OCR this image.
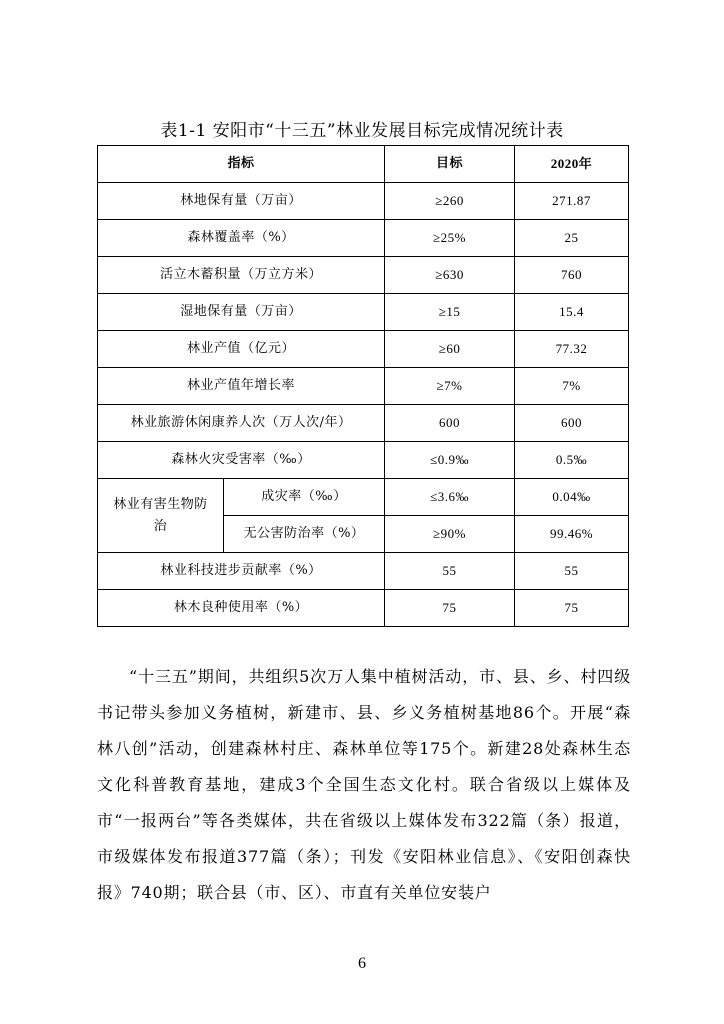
表1-1 安阳市“十三五”林业发展目标完成情况统计表
指标		目标	2020年
林地保有量（万亩）		≥260	271.87
森林覆盖率（%）		≥25%	25
活立木蓄积量（万立方米）		≥630	760
湿地保有量（万亩）		≥15	15.4
林业产值（亿元）		≥60	77.32
林业产值年增长率		≥7%	7%
林业旅游休闲康养人次（万人次/年）		600	600
森林火灾受害率（‰）		≤0.9‰	0.5‰
林业有害生物防治	成灾率（‰）	≤3.6‰	0.04‰
	无公害防治率（%）	≥90%	99.46%
林业科技进步贡献率（%）		55	55
林木良种使用率（%）		75	75

“十三五”期间，共组织5次万人集中植树活动，市、县、乡、村四级书记带头参加义务植树，新建市、县、乡义务植树基地86个。开展“森林八创”活动，创建森林村庄、森林单位等175个。新建28处森林生态文化科普教育基地，建成3个全国生态文化村。联合省级以上媒体及市“一报两台”等各类媒体，共在省级以上媒体发布322篇（条）报道，市级媒体发布报道377篇（条）；刊发《安阳林业信息》、《安阳创森快报》740期；联合县（市、区）、市直有关单位安装户

6
